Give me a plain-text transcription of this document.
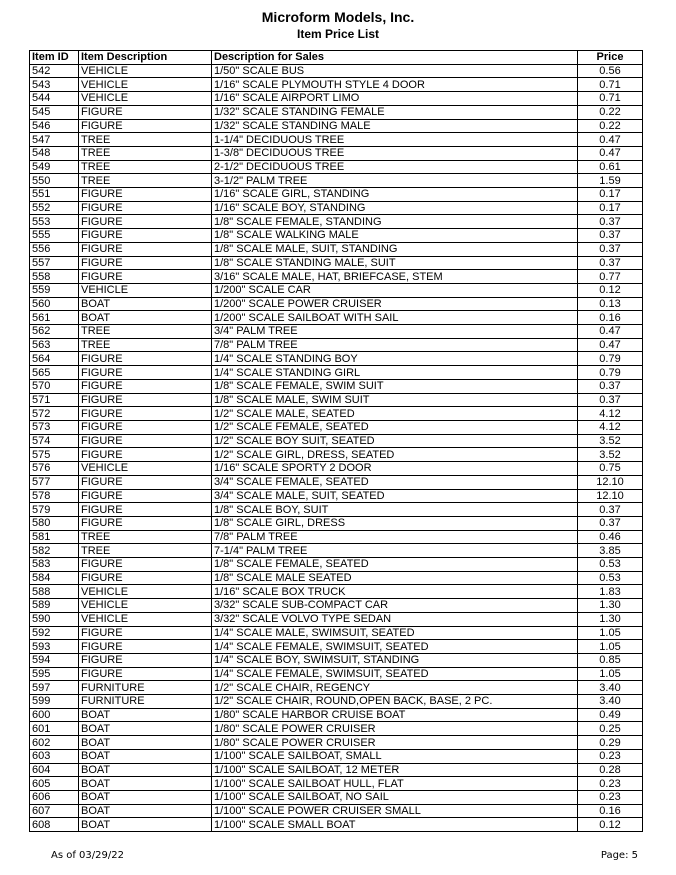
Microform Models, Inc.
Item Price List
Item ID	Item Description	Description for Sales	Price
542	VEHICLE	1/50" SCALE BUS	0.56
543	VEHICLE	1/16" SCALE PLYMOUTH STYLE 4 DOOR	0.71
544	VEHICLE	1/16" SCALE AIRPORT LIMO	0.71
545	FIGURE	1/32" SCALE STANDING FEMALE	0.22
546	FIGURE	1/32" SCALE STANDING MALE	0.22
547	TREE	1-1/4" DECIDUOUS TREE	0.47
548	TREE	1-3/8" DECIDUOUS TREE	0.47
549	TREE	2-1/2" DECIDUOUS TREE	0.61
550	TREE	3-1/2" PALM TREE	1.59
551	FIGURE	1/16" SCALE GIRL, STANDING	0.17
552	FIGURE	1/16" SCALE BOY, STANDING	0.17
553	FIGURE	1/8" SCALE FEMALE, STANDING	0.37
555	FIGURE	1/8" SCALE WALKING MALE	0.37
556	FIGURE	1/8" SCALE MALE, SUIT, STANDING	0.37
557	FIGURE	1/8" SCALE STANDING MALE, SUIT	0.37
558	FIGURE	3/16" SCALE MALE, HAT, BRIEFCASE, STEM	0.77
559	VEHICLE	1/200" SCALE CAR	0.12
560	BOAT	1/200" SCALE POWER CRUISER	0.13
561	BOAT	1/200" SCALE SAILBOAT WITH SAIL	0.16
562	TREE	3/4" PALM TREE	0.47
563	TREE	7/8" PALM TREE	0.47
564	FIGURE	1/4" SCALE STANDING BOY	0.79
565	FIGURE	1/4" SCALE STANDING GIRL	0.79
570	FIGURE	1/8" SCALE FEMALE, SWIM SUIT	0.37
571	FIGURE	1/8" SCALE MALE, SWIM SUIT	0.37
572	FIGURE	1/2" SCALE MALE, SEATED	4.12
573	FIGURE	1/2" SCALE FEMALE, SEATED	4.12
574	FIGURE	1/2" SCALE BOY SUIT, SEATED	3.52
575	FIGURE	1/2" SCALE GIRL, DRESS, SEATED	3.52
576	VEHICLE	1/16" SCALE SPORTY 2 DOOR	0.75
577	FIGURE	3/4" SCALE FEMALE, SEATED	12.10
578	FIGURE	3/4" SCALE MALE, SUIT, SEATED	12.10
579	FIGURE	1/8" SCALE BOY, SUIT	0.37
580	FIGURE	1/8" SCALE GIRL, DRESS	0.37
581	TREE	7/8" PALM TREE	0.46
582	TREE	7-1/4" PALM TREE	3.85
583	FIGURE	1/8" SCALE FEMALE, SEATED	0.53
584	FIGURE	1/8" SCALE MALE SEATED	0.53
588	VEHICLE	1/16" SCALE BOX TRUCK	1.83
589	VEHICLE	3/32" SCALE SUB-COMPACT CAR	1.30
590	VEHICLE	3/32" SCALE VOLVO TYPE SEDAN	1.30
592	FIGURE	1/4" SCALE MALE, SWIMSUIT, SEATED	1.05
593	FIGURE	1/4" SCALE FEMALE, SWIMSUIT, SEATED	1.05
594	FIGURE	1/4" SCALE BOY, SWIMSUIT, STANDING	0.85
595	FIGURE	1/4" SCALE FEMALE, SWIMSUIT, SEATED	1.05
597	FURNITURE	1/2" SCALE CHAIR, REGENCY	3.40
599	FURNITURE	1/2" SCALE CHAIR, ROUND,OPEN BACK, BASE, 2 PC.	3.40
600	BOAT	1/80" SCALE HARBOR CRUISE BOAT	0.49
601	BOAT	1/80" SCALE POWER CRUISER	0.25
602	BOAT	1/80" SCALE POWER CRUISER	0.29
603	BOAT	1/100" SCALE SAILBOAT, SMALL	0.23
604	BOAT	1/100" SCALE SAILBOAT, 12 METER	0.28
605	BOAT	1/100" SCALE SAILBOAT HULL, FLAT	0.23
606	BOAT	1/100" SCALE SAILBOAT, NO SAIL	0.23
607	BOAT	1/100" SCALE POWER CRUISER SMALL	0.16
608	BOAT	1/100" SCALE SMALL BOAT	0.12
As of 03/29/22	Page: 5
